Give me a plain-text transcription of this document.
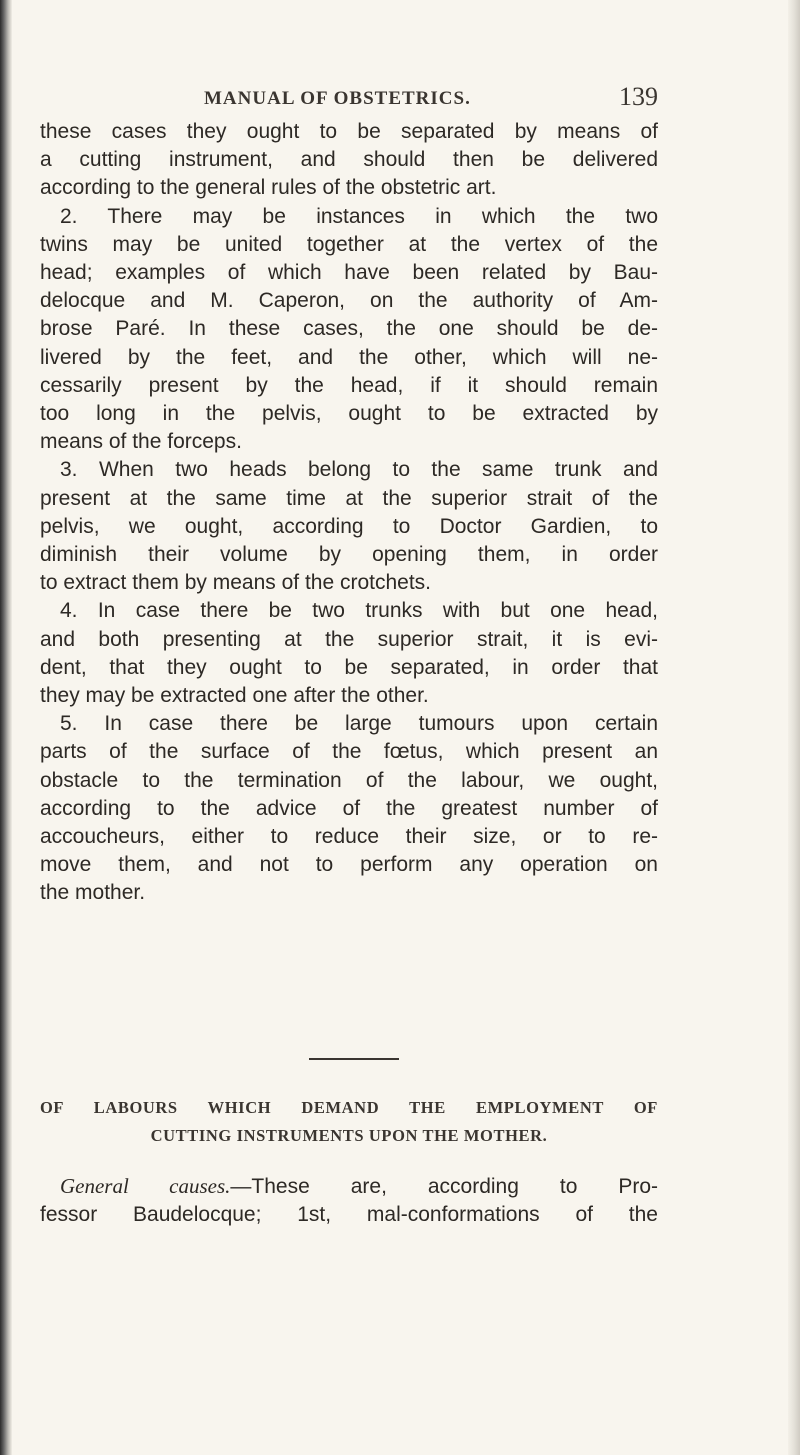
MANUAL OF OBSTETRICS.	139
these cases they ought to be separated by means of
a cutting instrument, and should then be delivered
according to the general rules of the obstetric art.
2. There may be instances in which the two
twins may be united together at the vertex of the
head; examples of which have been related by Bau-
delocque and M. Caperon, on the authority of Am-
brose Paré. In these cases, the one should be de-
livered by the feet, and the other, which will ne-
cessarily present by the head, if it should remain
too long in the pelvis, ought to be extracted by
means of the forceps.
3. When two heads belong to the same trunk and
present at the same time at the superior strait of the
pelvis, we ought, according to Doctor Gardien, to
diminish their volume by opening them, in order
to extract them by means of the crotchets.
4. In case there be two trunks with but one head,
and both presenting at the superior strait, it is evi-
dent, that they ought to be separated, in order that
they may be extracted one after the other.
5. In case there be large tumours upon certain
parts of the surface of the fœtus, which present an
obstacle to the termination of the labour, we ought,
according to the advice of the greatest number of
accoucheurs, either to reduce their size, or to re-
move them, and not to perform any operation on
the mother.
OF LABOURS WHICH DEMAND THE EMPLOYMENT OF
CUTTING INSTRUMENTS UPON THE MOTHER.
General causes.—These are, according to Pro-
fessor Baudelocque; 1st, mal-conformations of the
